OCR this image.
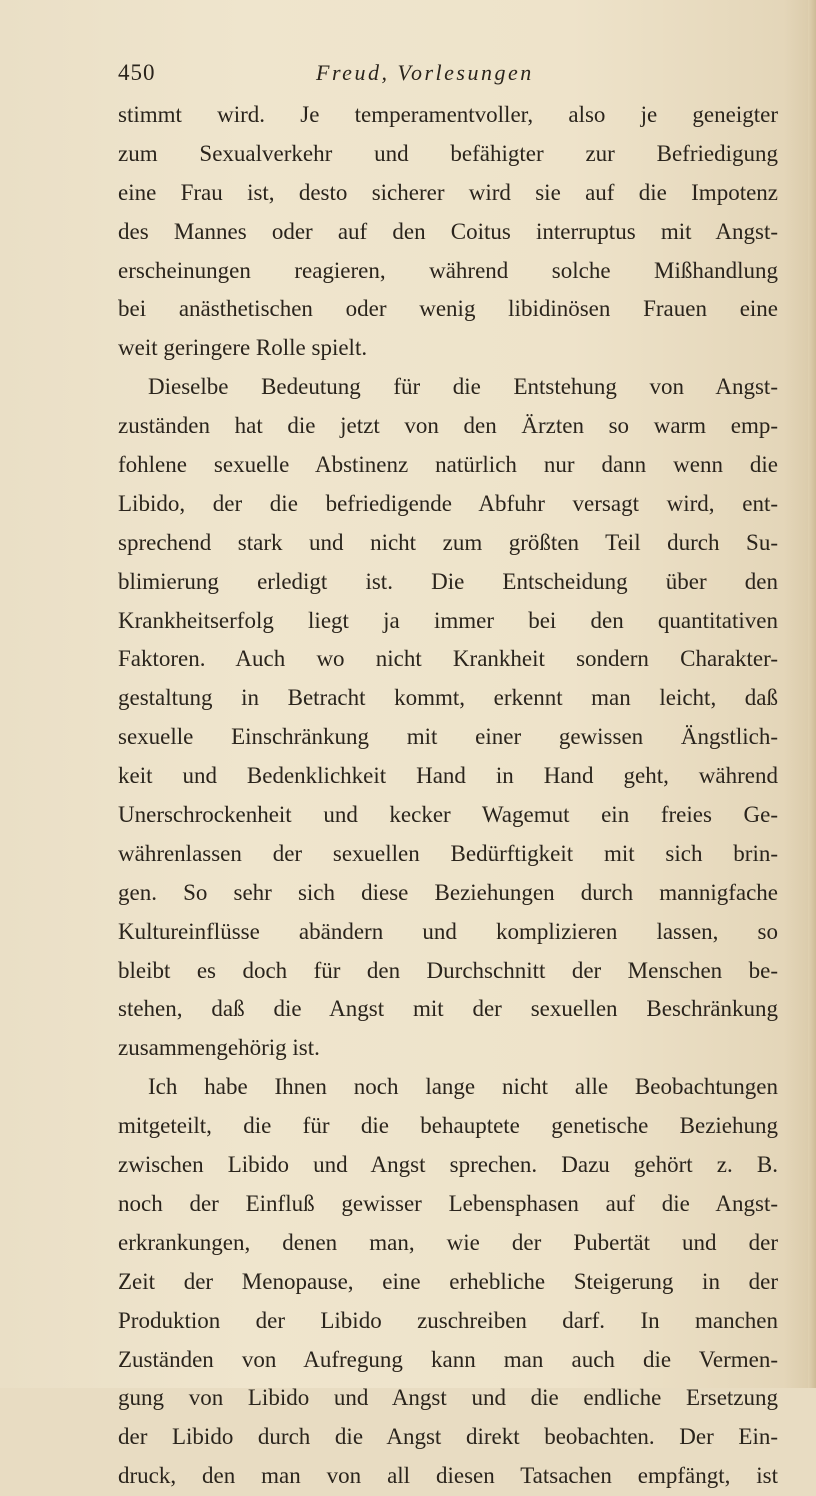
450	Freud, Vorlesungen
stimmt wird. Je temperamentvoller, also je geneigter
zum Sexualverkehr und befähigter zur Befriedigung
eine Frau ist, desto sicherer wird sie auf die Impotenz
des Mannes oder auf den Coitus interruptus mit Angst-
erscheinungen reagieren, während solche Mißhandlung
bei anästhetischen oder wenig libidinösen Frauen eine
weit geringere Rolle spielt.
Dieselbe Bedeutung für die Entstehung von Angst-
zuständen hat die jetzt von den Ärzten so warm emp-
fohlene sexuelle Abstinenz natürlich nur dann wenn die
Libido, der die befriedigende Abfuhr versagt wird, ent-
sprechend stark und nicht zum größten Teil durch Su-
blimierung erledigt ist. Die Entscheidung über den
Krankheitserfolg liegt ja immer bei den quantitativen
Faktoren. Auch wo nicht Krankheit sondern Charakter-
gestaltung in Betracht kommt, erkennt man leicht, daß
sexuelle Einschränkung mit einer gewissen Ängstlich-
keit und Bedenklichkeit Hand in Hand geht, während
Unerschrockenheit und kecker Wagemut ein freies Ge-
währenlassen der sexuellen Bedürftigkeit mit sich brin-
gen. So sehr sich diese Beziehungen durch mannigfache
Kultureinflüsse abändern und komplizieren lassen, so
bleibt es doch für den Durchschnitt der Menschen be-
stehen, daß die Angst mit der sexuellen Beschränkung
zusammengehörig ist.
Ich habe Ihnen noch lange nicht alle Beobachtungen
mitgeteilt, die für die behauptete genetische Beziehung
zwischen Libido und Angst sprechen. Dazu gehört z. B.
noch der Einfluß gewisser Lebensphasen auf die Angst-
erkrankungen, denen man, wie der Pubertät und der
Zeit der Menopause, eine erhebliche Steigerung in der
Produktion der Libido zuschreiben darf. In manchen
Zuständen von Aufregung kann man auch die Vermen-
gung von Libido und Angst und die endliche Ersetzung
der Libido durch die Angst direkt beobachten. Der Ein-
druck, den man von all diesen Tatsachen empfängt, ist
